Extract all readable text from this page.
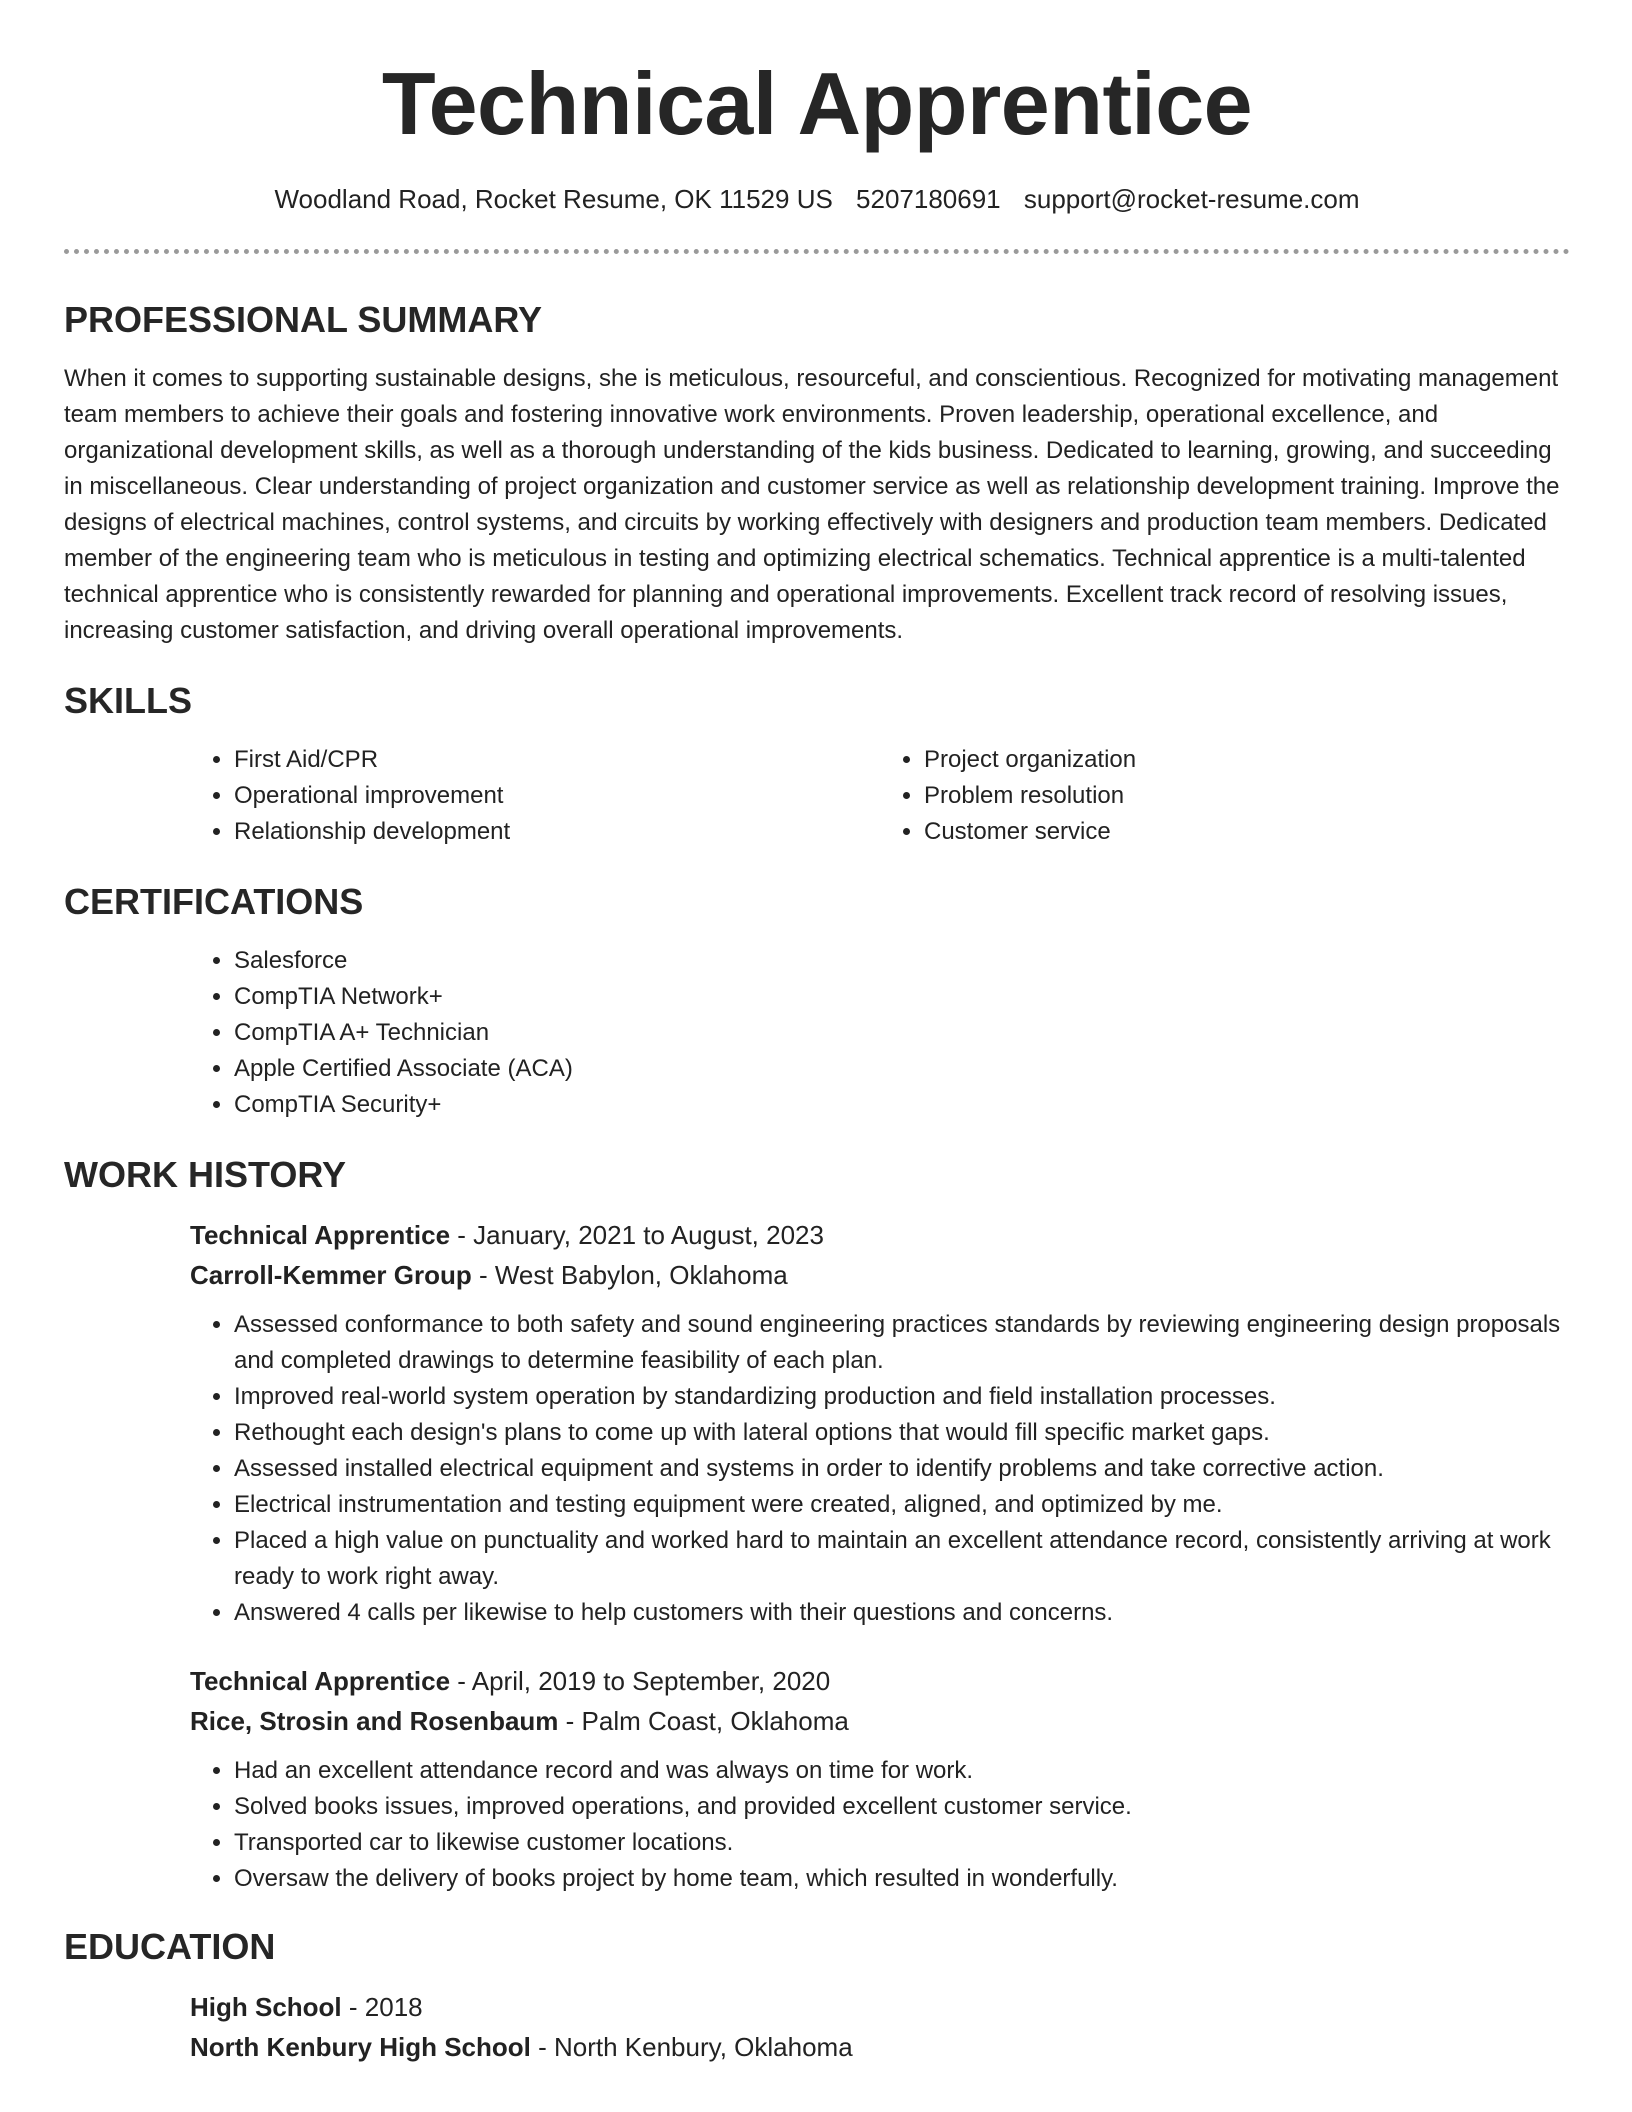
Technical Apprentice
Woodland Road, Rocket Resume, OK 11529 US 5207180691 support@rocket-resume.com
PROFESSIONAL SUMMARY

When it comes to supporting sustainable designs, she is meticulous, resourceful, and conscientious. Recognized for motivating management team members to achieve their goals and fostering innovative work environments. Proven leadership, operational excellence, and organizational development skills, as well as a thorough understanding of the kids business. Dedicated to learning, growing, and succeeding in miscellaneous. Clear understanding of project organization and customer service as well as relationship development training. Improve the designs of electrical machines, control systems, and circuits by working effectively with designers and production team members. Dedicated member of the engineering team who is meticulous in testing and optimizing electrical schematics. Technical apprentice is a multi-talented technical apprentice who is consistently rewarded for planning and operational improvements. Excellent track record of resolving issues, increasing customer satisfaction, and driving overall operational improvements.

SKILLS
• First Aid/CPR
• Operational improvement
• Relationship development
• Project organization
• Problem resolution
• Customer service
CERTIFICATIONS
• Salesforce
• CompTIA Network+
• CompTIA A+ Technician
• Apple Certified Associate (ACA)
• CompTIA Security+
WORK HISTORY
Technical Apprentice - January, 2021 to August, 2023
Carroll-Kemmer Group - West Babylon, Oklahoma
• Assessed conformance to both safety and sound engineering practices standards by reviewing engineering design proposals and completed drawings to determine feasibility of each plan.
• Improved real-world system operation by standardizing production and field installation processes.
• Rethought each design's plans to come up with lateral options that would fill specific market gaps.
• Assessed installed electrical equipment and systems in order to identify problems and take corrective action.
• Electrical instrumentation and testing equipment were created, aligned, and optimized by me.
• Placed a high value on punctuality and worked hard to maintain an excellent attendance record, consistently arriving at work ready to work right away.
• Answered 4 calls per likewise to help customers with their questions and concerns.
Technical Apprentice - April, 2019 to September, 2020
Rice, Strosin and Rosenbaum - Palm Coast, Oklahoma
• Had an excellent attendance record and was always on time for work.
• Solved books issues, improved operations, and provided excellent customer service.
• Transported car to likewise customer locations.
• Oversaw the delivery of books project by home team, which resulted in wonderfully.
EDUCATION
High School - 2018
North Kenbury High School - North Kenbury, Oklahoma
